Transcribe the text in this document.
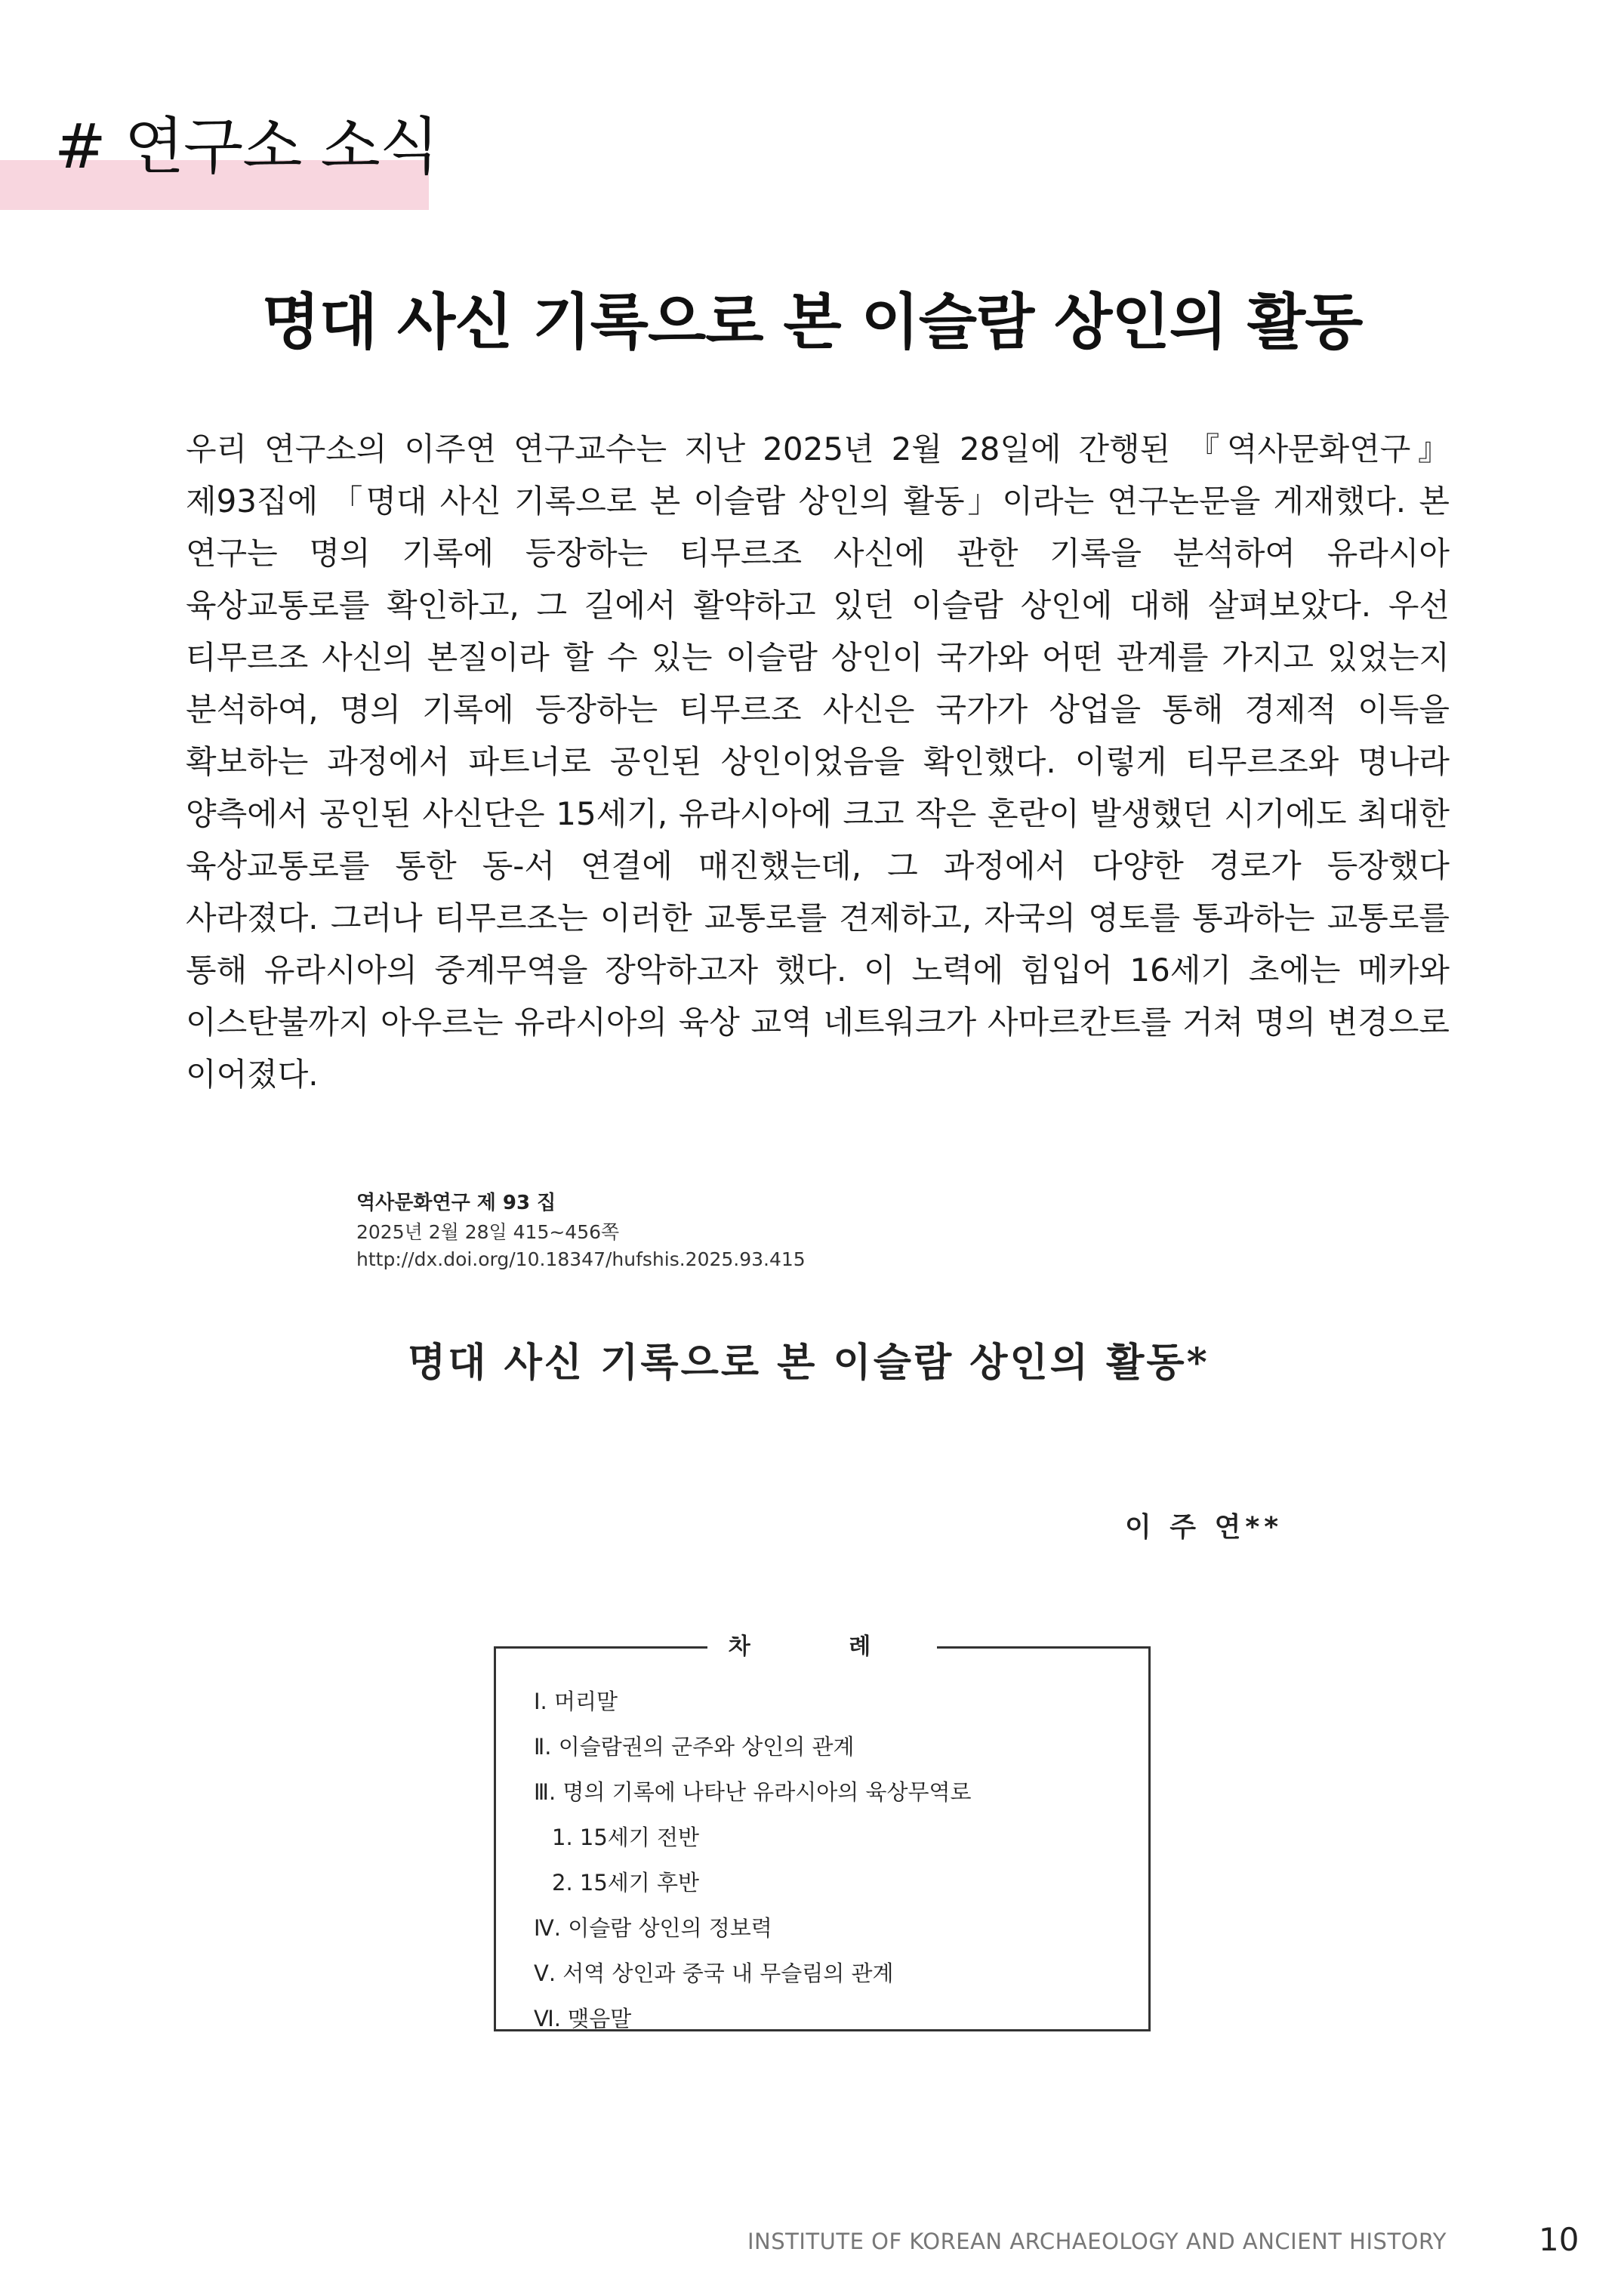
# 연구소 소식
명대 사신 기록으로 본 이슬람 상인의 활동

우리 연구소의 이주연 연구교수는 지난 2025년 2월 28일에 간행된 『역사문화연구』 제93집에 「명대 사신 기록으로 본 이슬람 상인의 활동」이라는 연구논문을 게재했다. 본 연구는 명의 기록에 등장하는 티무르조 사신에 관한 기록을 분석하여 유라시아 육상교통로를 확인하고, 그 길에서 활약하고 있던 이슬람 상인에 대해 살펴보았다. 우선 티무르조 사신의 본질이라 할 수 있는 이슬람 상인이 국가와 어떤 관계를 가지고 있었는지 분석하여, 명의 기록에 등장하는 티무르조 사신은 국가가 상업을 통해 경제적 이득을 확보하는 과정에서 파트너로 공인된 상인이었음을 확인했다. 이렇게 티무르조와 명나라 양측에서 공인된 사신단은 15세기, 유라시아에 크고 작은 혼란이 발생했던 시기에도 최대한 육상교통로를 통한 동-서 연결에 매진했는데, 그 과정에서 다양한 경로가 등장했다 사라졌다. 그러나 티무르조는 이러한 교통로를 견제하고, 자국의 영토를 통과하는 교통로를 통해 유라시아의 중계무역을 장악하고자 했다. 이 노력에 힘입어 16세기 초에는 메카와 이스탄불까지 아우르는 유라시아의 육상 교역 네트워크가 사마르칸트를 거쳐 명의 변경으로 이어졌다.

역사문화연구 제 93 집
2025년 2월 28일 415~456쪽
http://dx.doi.org/10.18347/hufshis.2025.93.415
명대 사신 기록으로 본 이슬람 상인의 활동*
이 주 연**
차 례
Ⅰ. 머리말
Ⅱ. 이슬람권의 군주와 상인의 관계
Ⅲ. 명의 기록에 나타난 유라시아의 육상무역로
1. 15세기 전반
2. 15세기 후반
Ⅳ. 이슬람 상인의 정보력
Ⅴ. 서역 상인과 중국 내 무슬림의 관계
Ⅵ. 맺음말
INSTITUTE OF KOREAN ARCHAEOLOGY AND ANCIENT HISTORY	10
